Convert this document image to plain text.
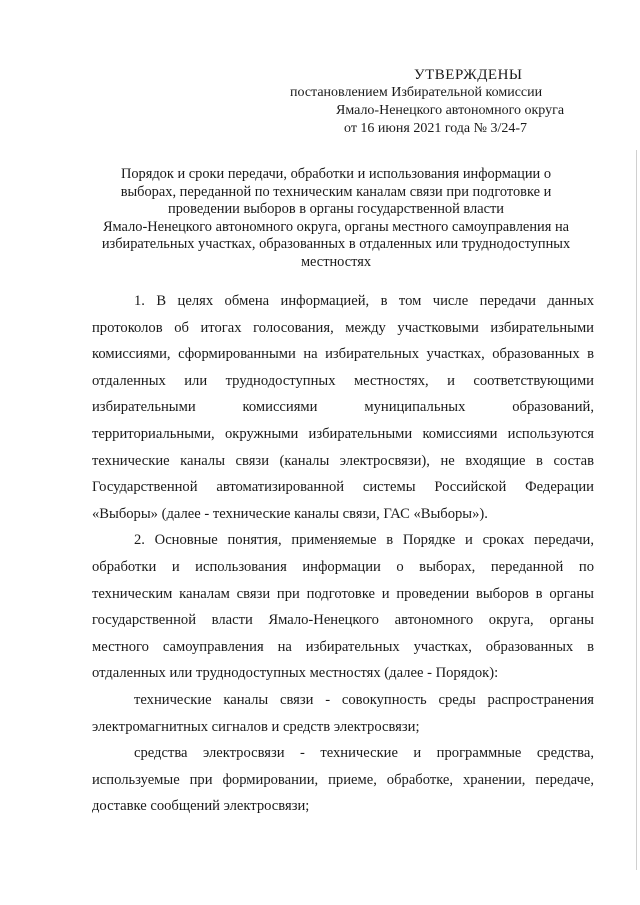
УТВЕРЖДЕНЫ
постановлением Избирательной комиссии
Ямало-Ненецкого автономного округа
от 16 июня 2021 года № 3/24-7
Порядок и сроки передачи, обработки и использования информации о
выборах, переданной по техническим каналам связи при подготовке и
проведении выборов в органы государственной власти
Ямало-Ненецкого автономного округа, органы местного самоуправления на
избирательных участках, образованных в отдаленных или труднодоступных
местностях
1. В целях обмена информацией, в том числе передачи данных
протоколов об итогах голосования, между участковыми избирательными
комиссиями, сформированными на избирательных участках, образованных в
отдаленных или труднодоступных местностях, и соответствующими
избирательными комиссиями муниципальных образований,
территориальными, окружными избирательными комиссиями используются
технические каналы связи (каналы электросвязи), не входящие в состав
Государственной автоматизированной системы Российской Федерации
«Выборы» (далее - технические каналы связи, ГАС «Выборы»).
2. Основные понятия, применяемые в Порядке и сроках передачи,
обработки и использования информации о выборах, переданной по
техническим каналам связи при подготовке и проведении выборов в органы
государственной власти Ямало-Ненецкого автономного округа, органы
местного самоуправления на избирательных участках, образованных в
отдаленных или труднодоступных местностях (далее - Порядок):
технические каналы связи - совокупность среды распространения
электромагнитных сигналов и средств электросвязи;
средства электросвязи - технические и программные средства,
используемые при формировании, приеме, обработке, хранении, передаче,
доставке сообщений электросвязи;
